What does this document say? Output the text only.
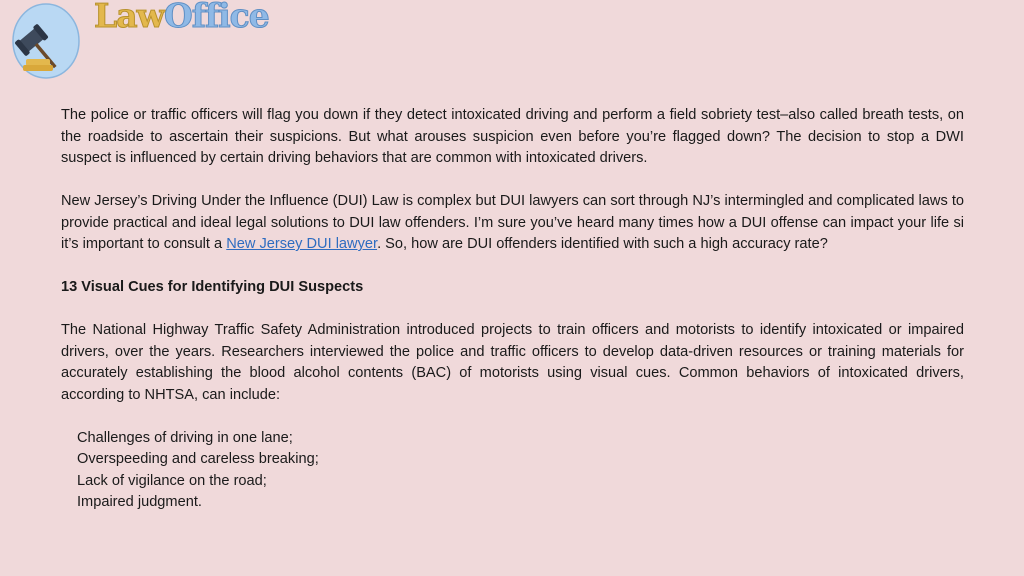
LawOffice

The police or traffic officers will flag you down if they detect intoxicated driving and perform a field sobriety test–also called breath tests, on the roadside to ascertain their suspicions. But what arouses suspicion even before you’re flagged down? The decision to stop a DWI suspect is influenced by certain driving behaviors that are common with intoxicated drivers.

New Jersey’s Driving Under the Influence (DUI) Law is complex but DUI lawyers can sort through NJ’s intermingled and complicated laws to provide practical and ideal legal solutions to DUI law offenders. I’m sure you’ve heard many times how a DUI offense can impact your life si it’s important to consult a New Jersey DUI lawyer. So, how are DUI offenders identified with such a high accuracy rate?

13 Visual Cues for Identifying DUI Suspects

The National Highway Traffic Safety Administration introduced projects to train officers and motorists to identify intoxicated or impaired drivers, over the years. Researchers interviewed the police and traffic officers to develop data-driven resources or training materials for accurately establishing the blood alcohol contents (BAC) of motorists using visual cues. Common behaviors of intoxicated drivers, according to NHTSA, can include:

Challenges of driving in one lane;
Overspeeding and careless breaking;
Lack of vigilance on the road;
Impaired judgment.
